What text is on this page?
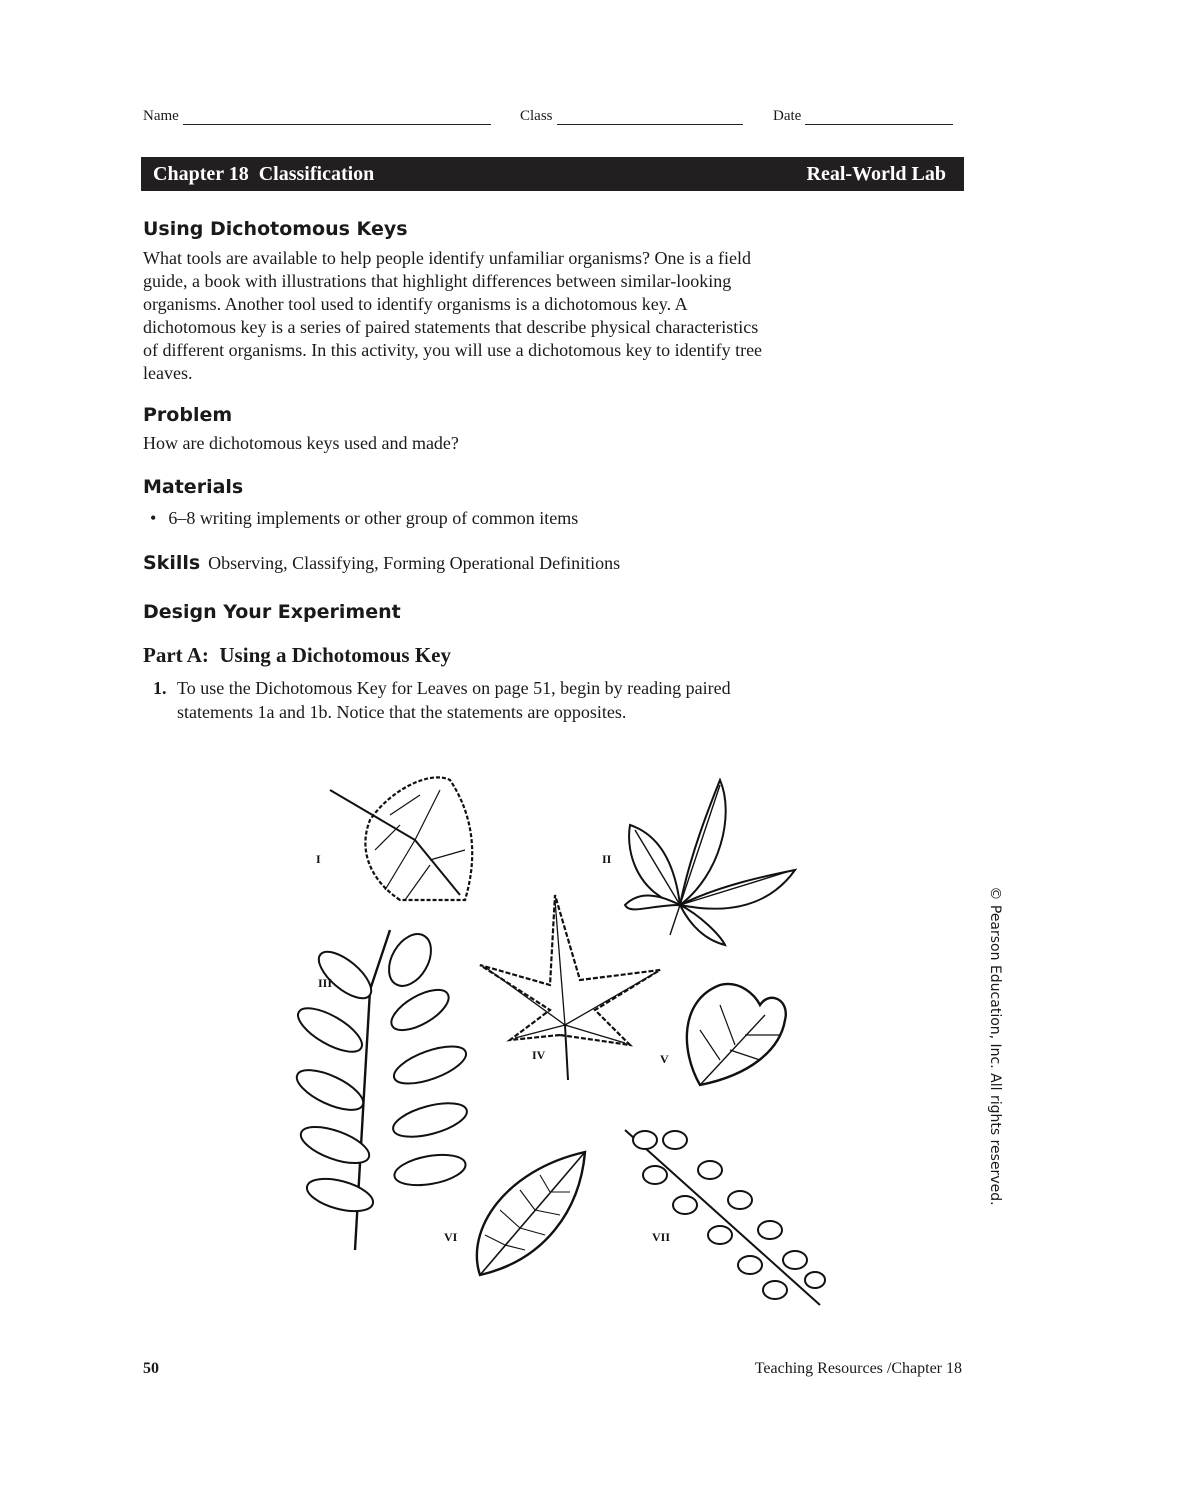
Name	Class	Date
Chapter 18  Classification	Real-World Lab
Using Dichotomous Keys

What tools are available to help people identify unfamiliar organisms? One is a field guide, a book with illustrations that highlight differences between similar-looking organisms. Another tool used to identify organisms is a dichotomous key. A dichotomous key is a series of paired statements that describe physical characteristics of different organisms. In this activity, you will use a dichotomous key to identify tree leaves.

Problem

How are dichotomous keys used and made?

Materials
• 6–8 writing implements or other group of common items
Skills Observing, Classifying, Forming Operational Definitions
Design Your Experiment
Part A:  Using a Dichotomous Key
1. To use the Dichotomous Key for Leaves on page 51, begin by reading paired statements 1a and 1b. Notice that the statements are opposites.
I	II
III
IV	V
VI	VII
© Pearson Education, Inc. All rights reserved.
50	Teaching Resources /Chapter 18
